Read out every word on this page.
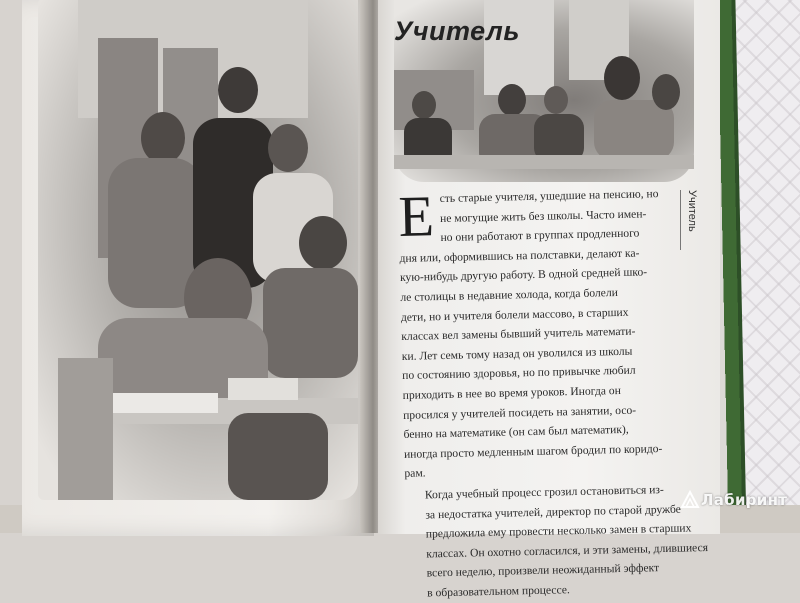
Учитель
Е сть старые учителя, ушедшие на пенсию, но
не могущие жить без школы. Часто имен-
но они работают в группах продленного
дня или, оформившись на полставки, делают ка-
кую-нибудь другую работу. В одной средней шко-
ле столицы в недавние холода, когда болели
дети, но и учителя болели массово, в старших
классах вел замены бывший учитель математи-
ки. Лет семь тому назад он уволился из школы
по состоянию здоровья, но по привычке любил
приходить в нее во время уроков. Иногда он
просился у учителей посидеть на занятии, осо-
бенно на математике (он сам был математик),
иногда просто медленным шагом бродил по коридо-
рам.
Когда учебный процесс грозил остановиться из-
за недостатка учителей, директор по старой дружбе
предложила ему провести несколько замен в старших
классах. Он охотно согласился, и эти замены, длившиеся
всего неделю, произвели неожиданный эффект
в образовательном процессе.
Учитель
Лабиринт
